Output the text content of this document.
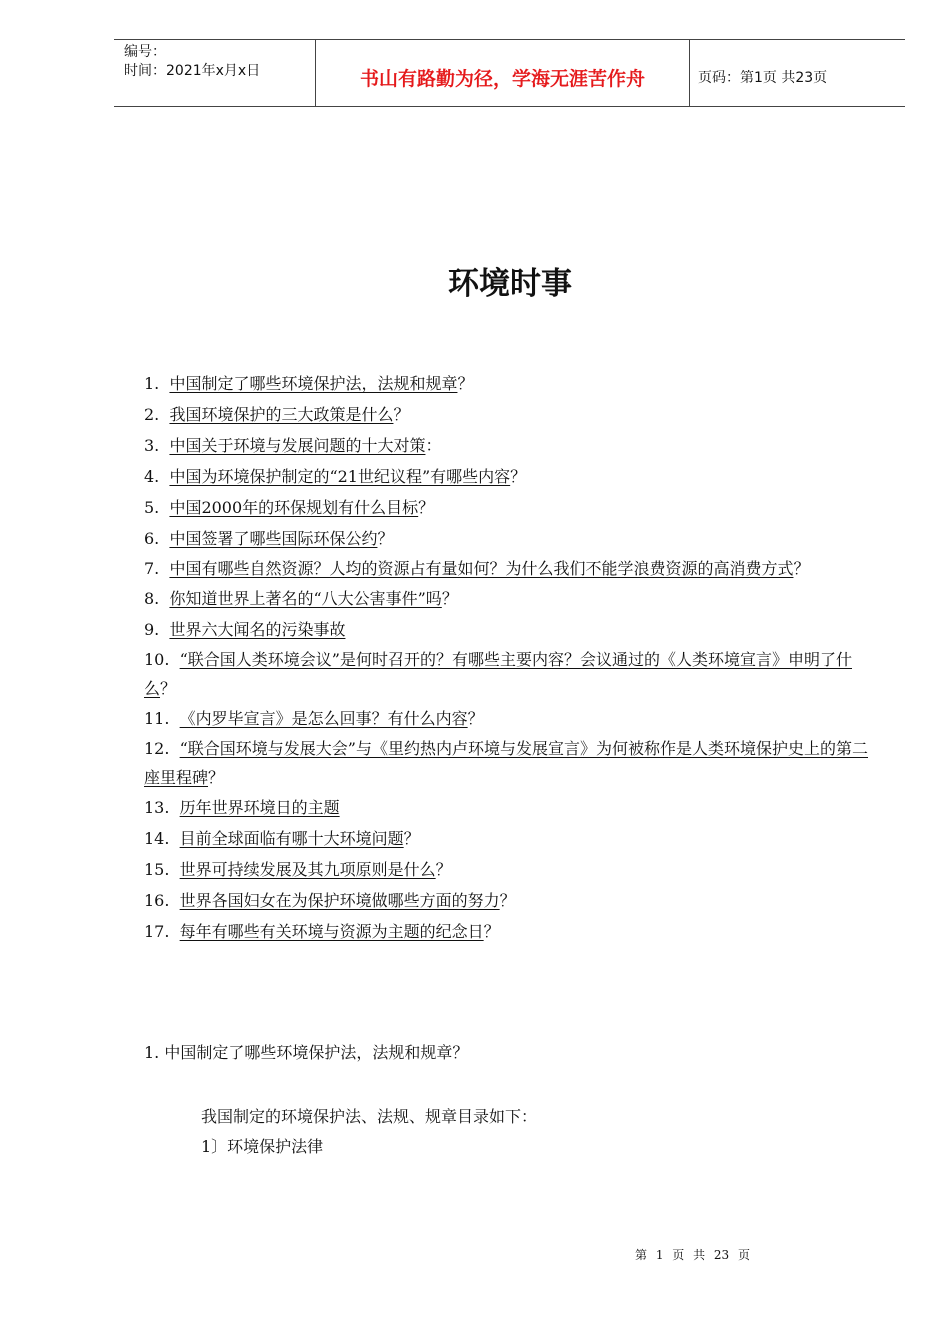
编号：
时间：2021年x月x日	书山有路勤为径，学海无涯苦作舟	页码：第1页 共23页
环境时事

1. 中国制定了哪些环境保护法，法规和规章？

2. 我国环境保护的三大政策是什么？

3. 中国关于环境与发展问题的十大对策：

4. 中国为环境保护制定的“21世纪议程”有哪些内容？

5. 中国2000年的环保规划有什么目标？

6. 中国签署了哪些国际环保公约？

7. 中国有哪些自然资源？人均的资源占有量如何？为什么我们不能学浪费资源的高消费方式？

8. 你知道世界上著名的“八大公害事件”吗？

9. 世界六大闻名的污染事故

10. “联合国人类环境会议”是何时召开的？有哪些主要内容？会议通过的《人类环境宣言》申明了什么？

11. 《内罗毕宣言》是怎么回事？有什么内容？

12. “联合国环境与发展大会”与《里约热内卢环境与发展宣言》为何被称作是人类环境保护史上的第二座里程碑？

13. 历年世界环境日的主题

14. 目前全球面临有哪十大环境问题？

15. 世界可持续发展及其九项原则是什么？

16. 世界各国妇女在为保护环境做哪些方面的努力？

17. 每年有哪些有关环境与资源为主题的纪念日？

1. 中国制定了哪些环境保护法，法规和规章？
我国制定的环境保护法、法规、规章目录如下：
1〕环境保护法律
第 1 页 共 23 页
